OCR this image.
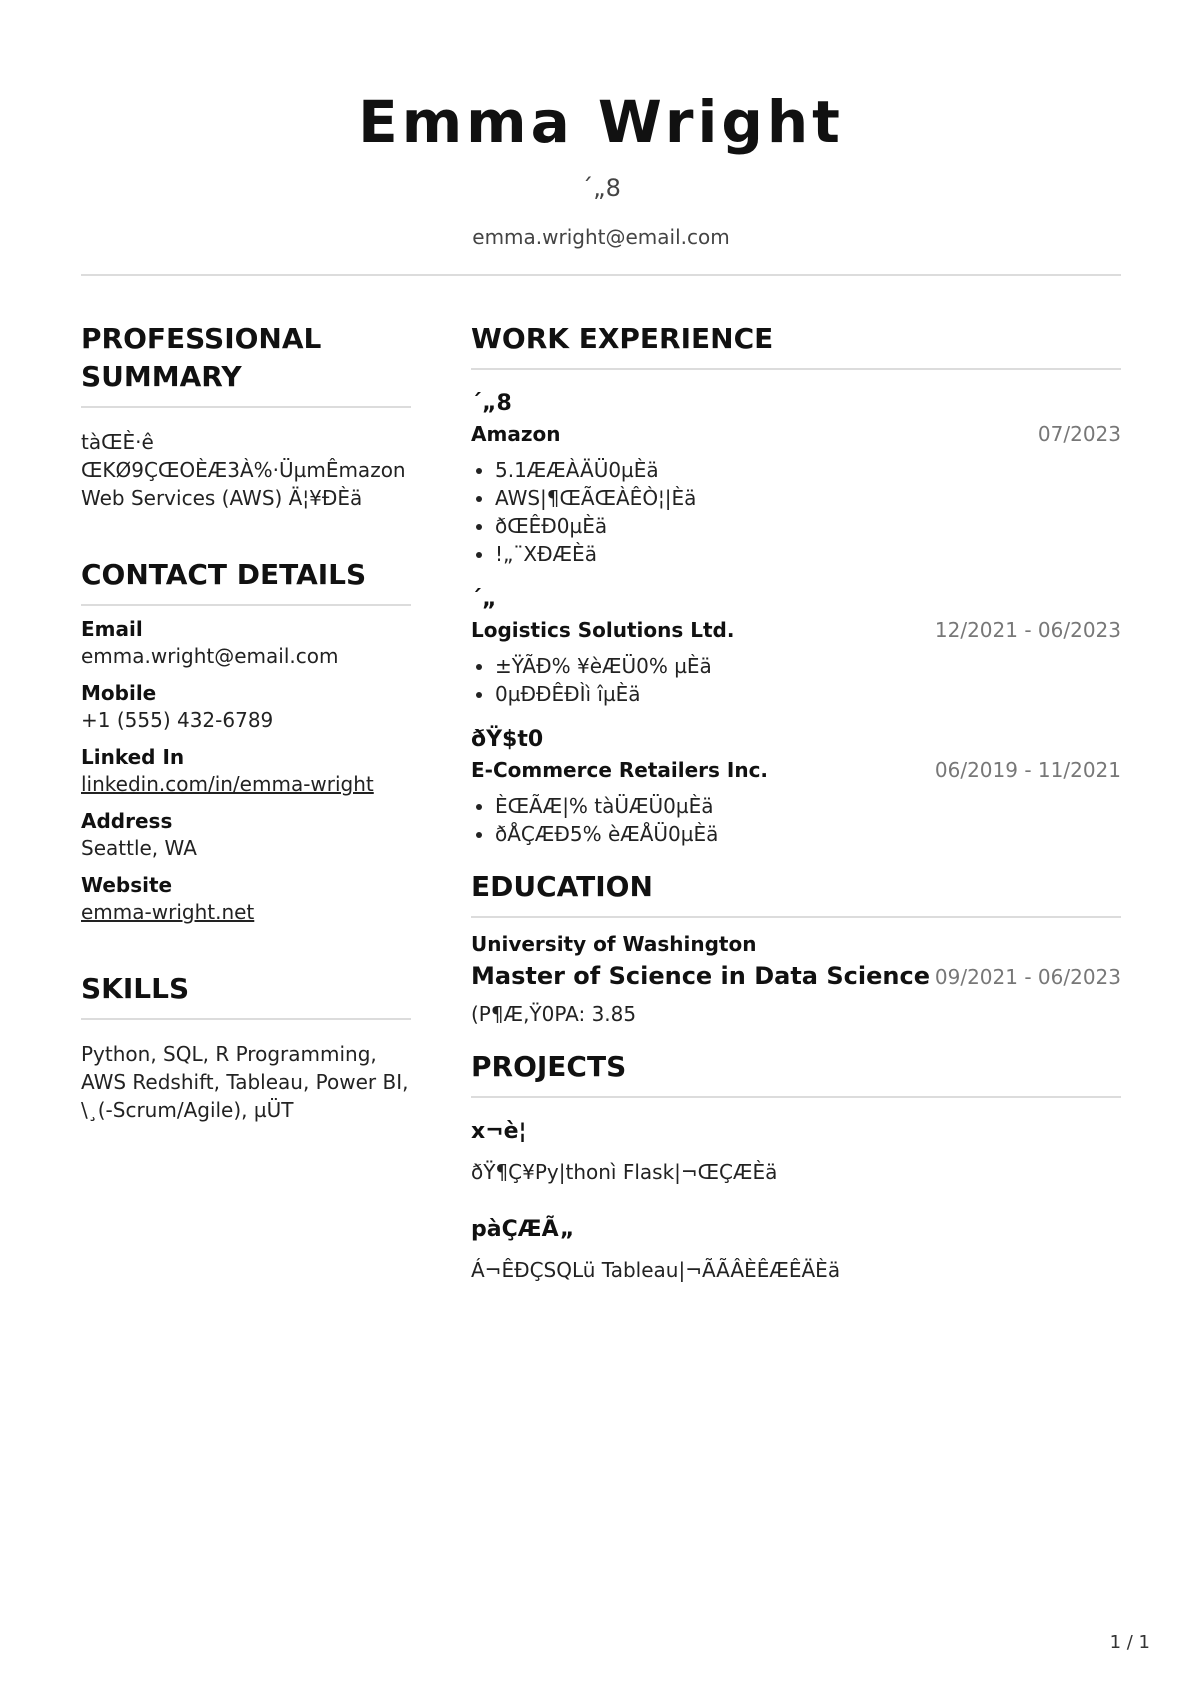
Emma Wright
´„8
emma.wright@email.com
PROFESSIONAL SUMMARY
tàŒÈ·ê ŒKØ9ÇŒOÈÆ3À%·ÜµmÊmazon Web Services (AWS) Ä¦¥ÐÈä
CONTACT DETAILS
Email
emma.wright@email.com
Mobile
+1 (555) 432-6789
Linked In
linkedin.com/in/emma-wright
Address
Seattle, WA
Website
emma-wright.net
SKILLS
Python, SQL, R Programming, AWS Redshift, Tableau, Power BI, \¸(-Scrum/Agile), µÜT
WORK EXPERIENCE
´„8
Amazon	07/2023
• 5.1ÆÆÀÄÜ0µÈä
• AWS|¶ŒÃŒÀÊÒ¦|Èä
• ðŒÊÐ0µÈä
• !„¨XÐÆÈä
´„
Logistics Solutions Ltd.	12/2021 - 06/2023
• ±ŸÃÐ% ¥èÆÜ0% µÈä
• 0µÐÐÊÐÌì îµÈä
ðŸ$t0
E-Commerce Retailers Inc.	06/2019 - 11/2021
• ÈŒÃÆ|% tàÜÆÜ0µÈä
• ðÅÇÆÐ5% èÆÅÜ0µÈä
EDUCATION
University of Washington
Master of Science in Data Science 09/2021 - 06/2023
(P¶Æ,Ÿ0PA: 3.85
PROJECTS
x¬è¦
ðŸ¶Ç¥Py|thonì Flask|¬ŒÇÆÈä
pàÇÆÃ„
Á¬ÊÐÇSQLü Tableau|¬ÃÃÂÈÊÆÊÄÈä
1 / 1
